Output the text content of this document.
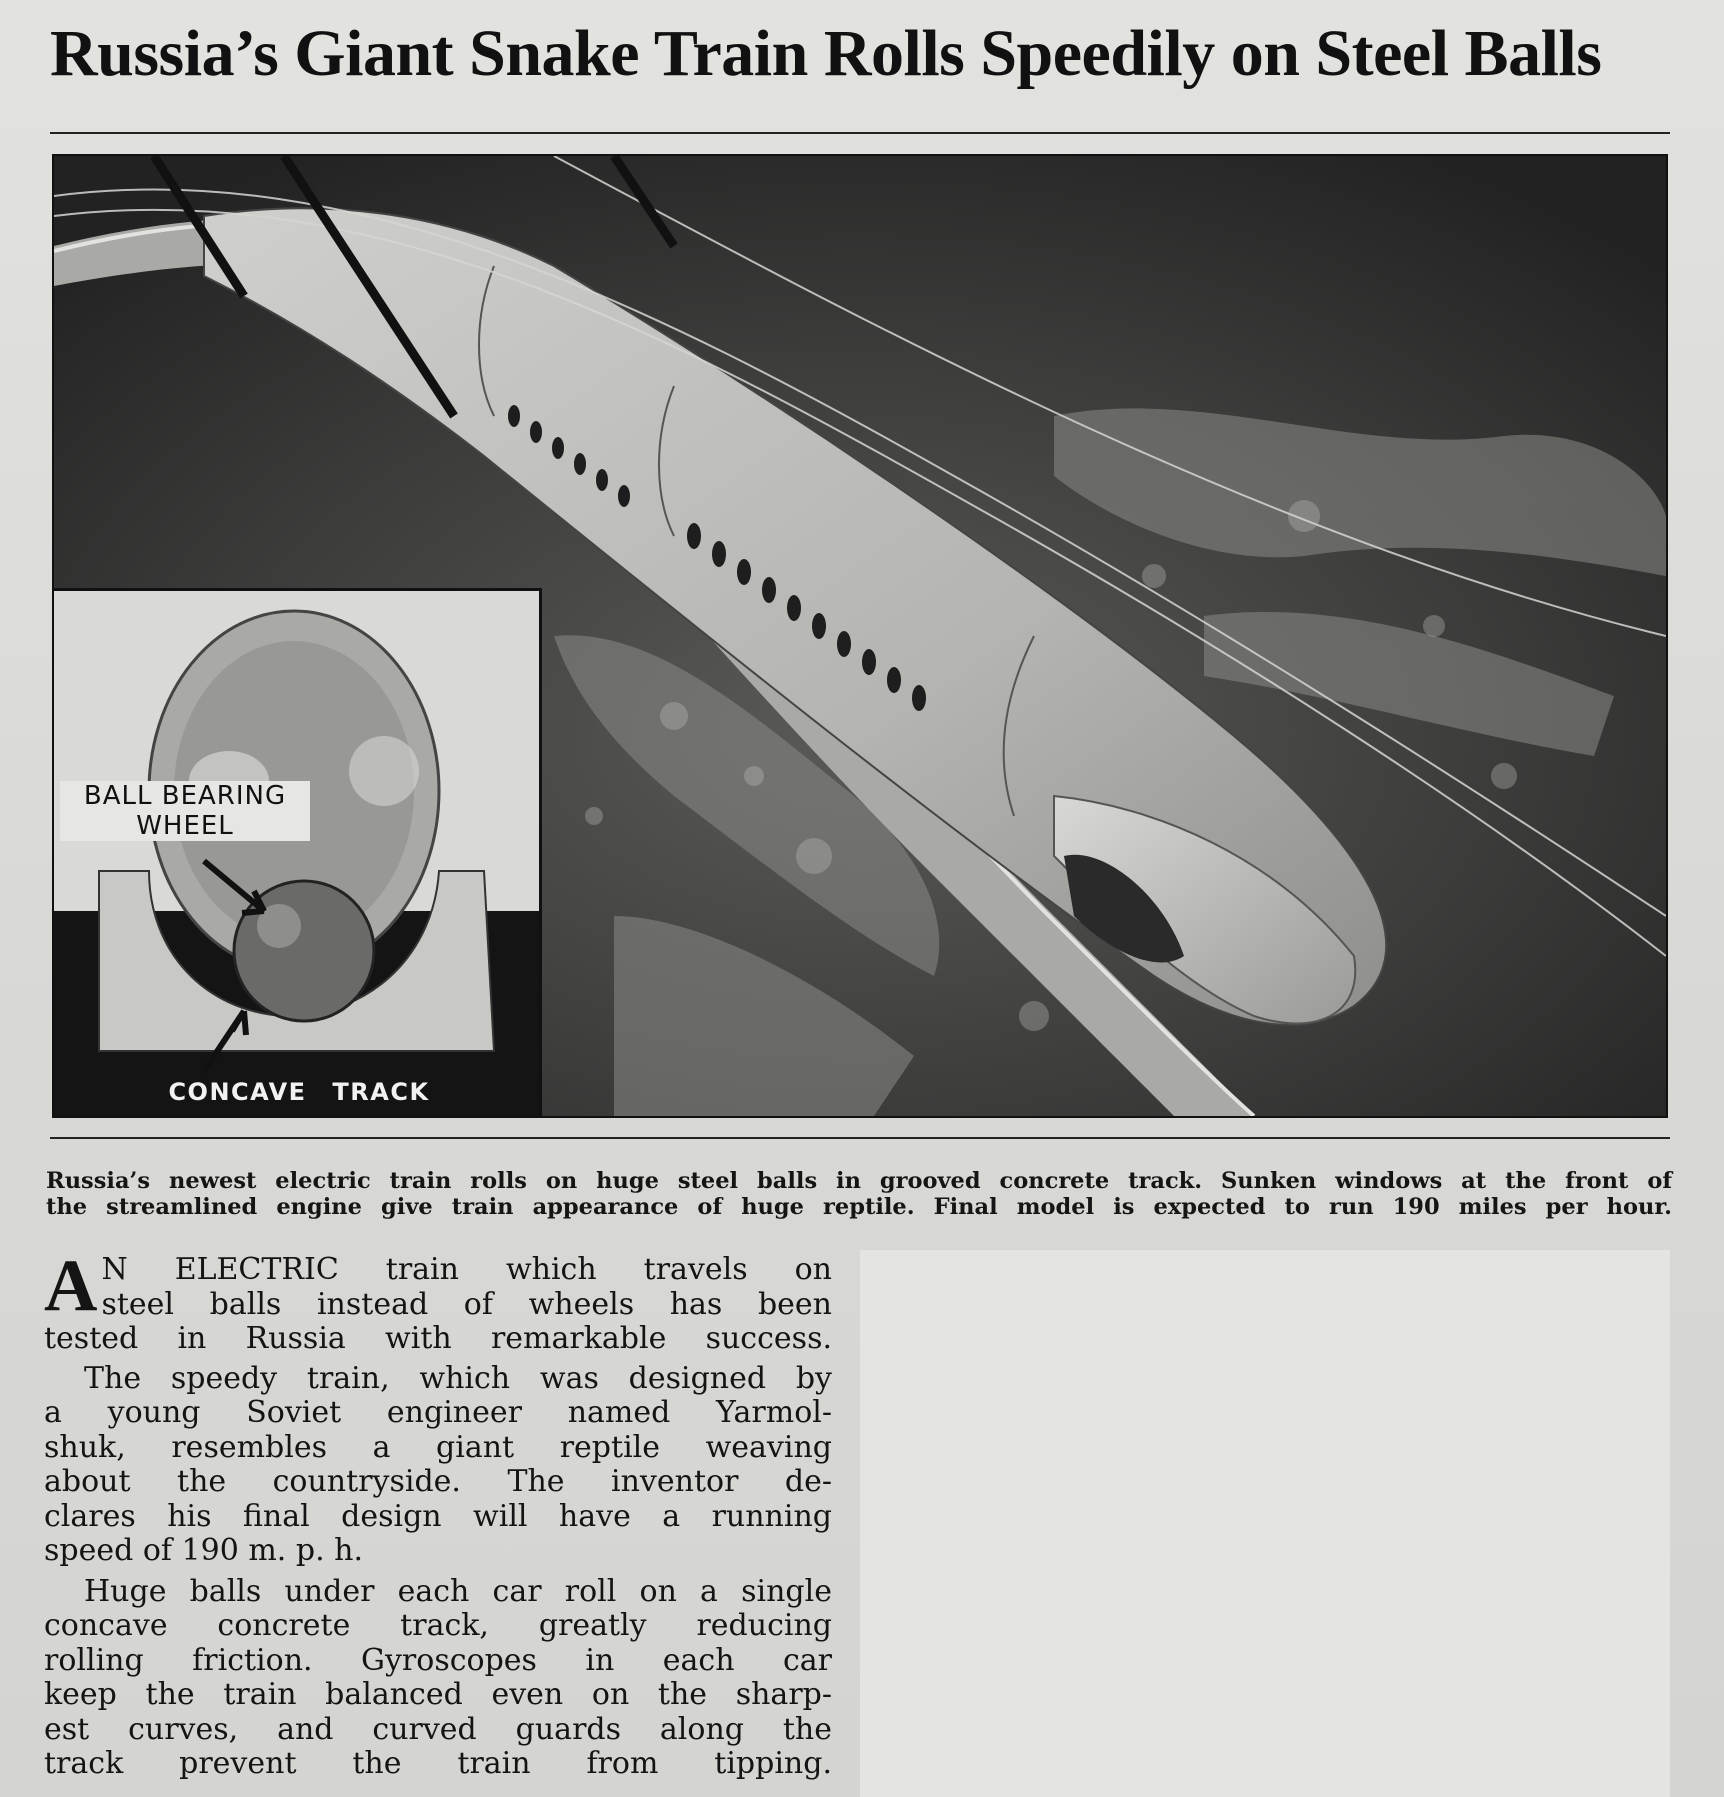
Russia’s Giant Snake Train Rolls Speedily on Steel Balls
BALL BEARING
WHEEL
CONCAVE TRACK

Russia’s newest electric train rolls on huge steel balls in grooved concrete track. Sunken windows at the front of
the streamlined engine give train appearance of huge reptile. Final model is expected to run 190 miles per hour.

A N ELECTRIC train which travels on
steel balls instead of wheels has been
tested in Russia with remarkable success.

The speedy train, which was designed by
a young Soviet engineer named Yarmol-
shuk, resembles a giant reptile weaving
about the countryside. The inventor de-
clares his final design will have a running
speed of 190 m. p. h.

Huge balls under each car roll on a single
concave concrete track, greatly reducing
rolling friction. Gyroscopes in each car
keep the train balanced even on the sharp-
est curves, and curved guards along the
track prevent the train from tipping.
